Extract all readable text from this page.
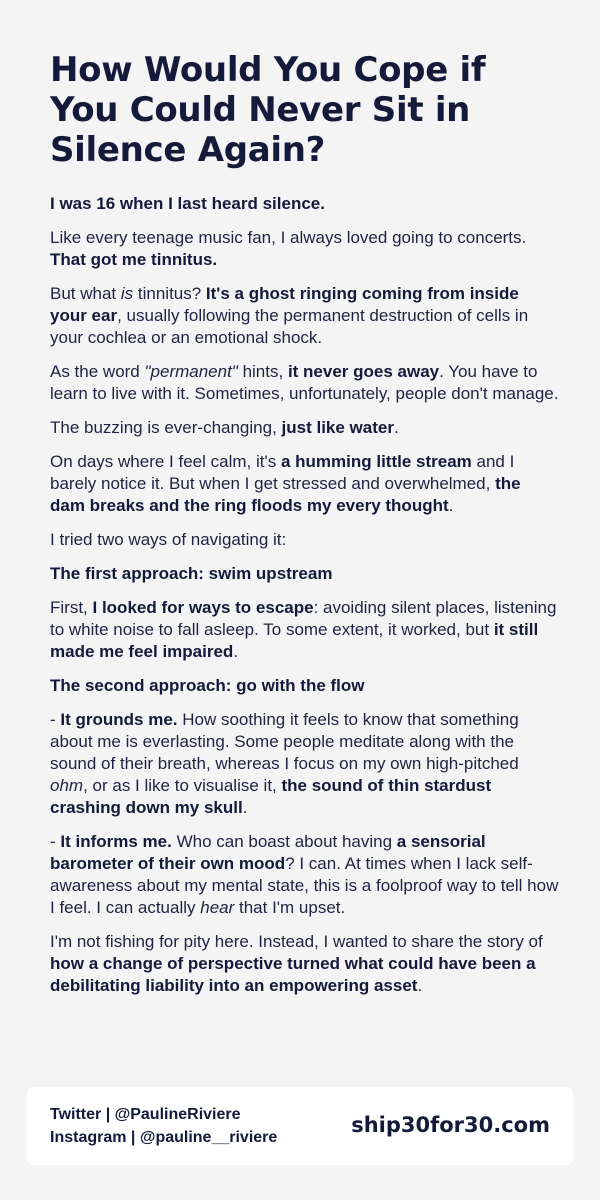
How Would You Cope if You Could Never Sit in Silence Again?

I was 16 when I last heard silence.

Like every teenage music fan, I always loved going to concerts. That got me tinnitus.

But what is tinnitus? It's a ghost ringing coming from inside your ear, usually following the permanent destruction of cells in your cochlea or an emotional shock.

As the word "permanent" hints, it never goes away. You have to learn to live with it. Sometimes, unfortunately, people don't manage.

The buzzing is ever-changing, just like water.

On days where I feel calm, it's a humming little stream and I barely notice it. But when I get stressed and overwhelmed, the dam breaks and the ring floods my every thought.

I tried two ways of navigating it:

The first approach: swim upstream

First, I looked for ways to escape: avoiding silent places, listening to white noise to fall asleep. To some extent, it worked, but it still made me feel impaired.

The second approach: go with the flow

- It grounds me. How soothing it feels to know that something about me is everlasting. Some people meditate along with the sound of their breath, whereas I focus on my own high-pitched ohm, or as I like to visualise it, the sound of thin stardust crashing down my skull.

- It informs me. Who can boast about having a sensorial barometer of their own mood? I can. At times when I lack self-awareness about my mental state, this is a foolproof way to tell how I feel. I can actually hear that I'm upset.

I'm not fishing for pity here. Instead, I wanted to share the story of how a change of perspective turned what could have been a debilitating liability into an empowering asset.

Twitter | @PaulineRiviere
Instagram | @pauline__riviere
ship30for30.com
